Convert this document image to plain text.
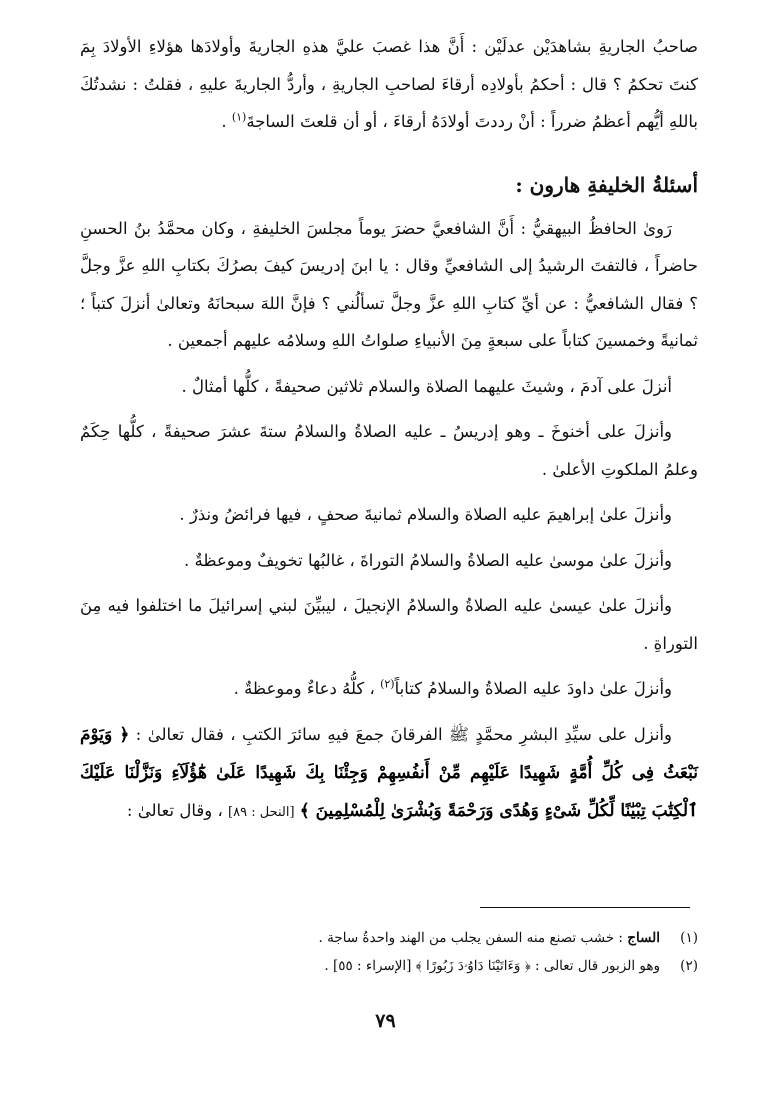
صاحبُ الجاريةِ بشاهدَيْن عدلَيْن : أَنَّ هذا غصبَ عليَّ هذهِ الجاريةَ وأولادَها هؤلاءِ الأولادَ بِمَ كنتَ تحكمُ ؟ قال : أحكمُ بأولادِه أرقاءَ لصاحبِ الجاريةِ ، وأردُّ الجاريةَ عليهِ ، فقلتُ : نشدتُكَ باللهِ أيُّهم أعظمُ ضرراً : أنْ رددتَ أولادَهُ أرقاءَ ، أو أن قلعتَ الساجةَ$^{(١)}$ .

أسئلةُ الخليفةِ هارون :

رَوىٰ الحافظُ البيهقيُّ : أَنَّ الشافعيَّ حضرَ يوماً مجلسَ الخليفةِ ، وكان محمَّدُ بنُ الحسنِ حاضراً ، فالتفتَ الرشيدُ إلى الشافعيِّ وقال : يا ابنَ إدريسَ كيفَ بصرُكَ بكتابِ اللهِ عزَّ وجلَّ ؟ فقال الشافعيُّ : عن أيِّ كتابِ اللهِ عزَّ وجلَّ تسألُني ؟ فإنَّ اللهَ سبحانَهُ وتعالىٰ أنزلَ كتباً ؛ ثمانيةً وخمسينَ كتاباً على سبعةٍ مِنَ الأنبياءِ صلواتُ اللهِ وسلامُه عليهم أجمعين .

أنزلَ على آدمَ ، وشيثَ عليهما الصلاة والسلام ثلاثين صحيفةً ، كلُّها أمثالٌ .

وأنزلَ على أخنوخَ ـ وهو إدريسُ ـ عليه الصلاةُ والسلامُ ستةَ عشرَ صحيفةً ، كلُّها حِكَمٌ وعلمُ الملكوتِ الأعلىٰ .

وأنزلَ علىٰ إبراهيمَ عليه الصلاة والسلام ثمانيةَ صحفٍ ، فيها فرائضُ ونذرٌ .

وأنزلَ علىٰ موسىٰ عليه الصلاةُ والسلامُ التوراةَ ، غالبُها تخويفٌ وموعظةٌ .

وأنزلَ علىٰ عيسىٰ عليه الصلاةُ والسلامُ الإنجيلَ ، ليبيِّنَ لبني إسرائيلَ ما اختلفوا فيه مِنَ التوراةِ .

وأنزلَ علىٰ داودَ عليه الصلاةُ والسلامُ كتاباً$^{(٢)}$ ، كلُّهُ دعاءٌ وموعظةٌ .

وأنزل على سيِّدِ البشرِ محمَّدٍ ﷺ الفرقانَ جمعَ فيهِ سائرَ الكتبِ ، فقال تعالىٰ : ﴿ وَيَوْمَ نَبْعَثُ فِى كُلِّ أُمَّةٍ شَهِيدًا عَلَيْهِم مِّنْ أَنفُسِهِمْ وَجِئْنَا بِكَ شَهِيدًا عَلَىٰ هَٰٓؤُلَآءِ وَنَزَّلْنَا عَلَيْكَ ٱلْكِتَٰبَ تِبْيَٰنًا لِّكُلِّ شَىْءٍ وَهُدًى وَرَحْمَةً وَبُشْرَىٰ لِلْمُسْلِمِينَ ﴾ [النحل : ٨٩] ، وقال تعالىٰ :

(١)الساج : خشب تصنع منه السفن يجلب من الهند واحدةُ ساجة .

(٢)وهو الزبور قال تعالى : ﴿ وَءَاتَيْنَا دَاوُۥدَ زَبُورًا ﴾ [الإسراء : ٥٥] .

٧٩
